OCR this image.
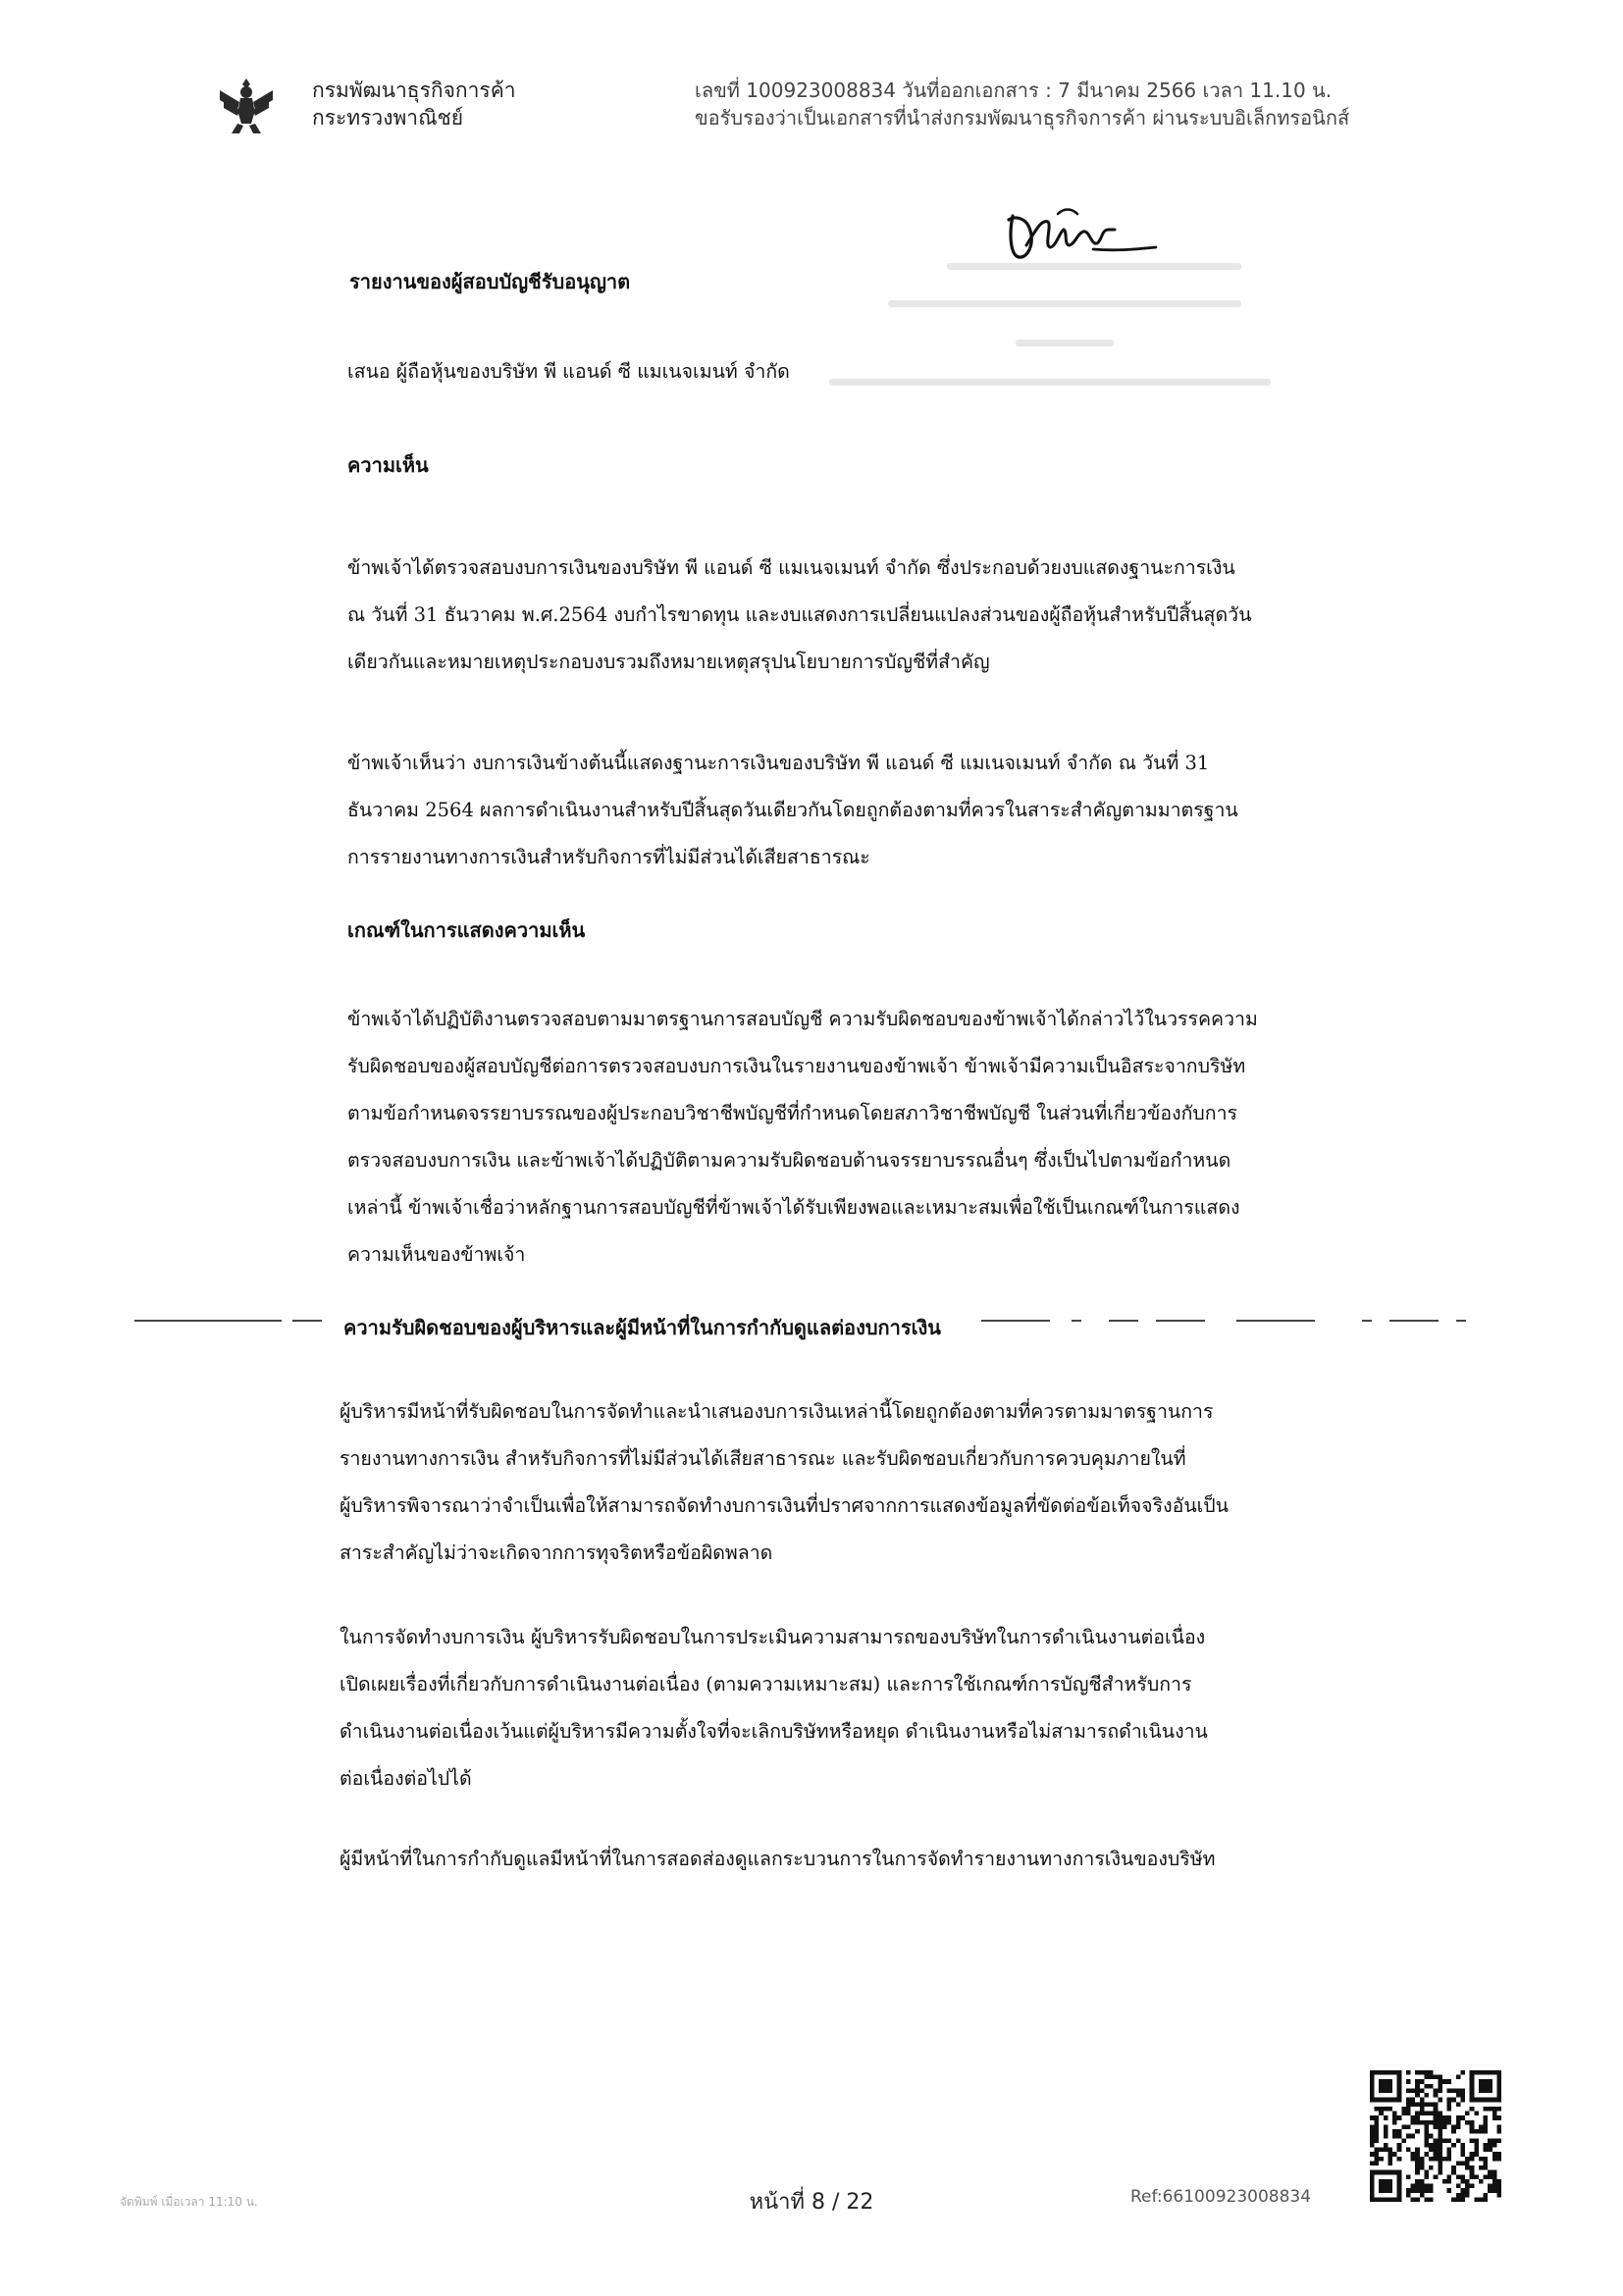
กรมพัฒนาธุรกิจการค้า
กระทรวงพาณิชย์
เลขที่ 100923008834 วันที่ออกเอกสาร : 7 มีนาคม 2566 เวลา 11.10 น.
ขอรับรองว่าเป็นเอกสารที่นำส่งกรมพัฒนาธุรกิจการค้า ผ่านระบบอิเล็กทรอนิกส์
รายงานของผู้สอบบัญชีรับอนุญาต
เสนอ ผู้ถือหุ้นของบริษัท พี แอนด์ ซี แมเนจเมนท์ จำกัด
ความเห็น
ข้าพเจ้าได้ตรวจสอบงบการเงินของบริษัท พี แอนด์ ซี แมเนจเมนท์ จำกัด ซึ่งประกอบด้วยงบแสดงฐานะการเงิน
ณ วันที่ 31 ธันวาคม พ.ศ.2564 งบกำไรขาดทุน และงบแสดงการเปลี่ยนแปลงส่วนของผู้ถือหุ้นสำหรับปีสิ้นสุดวัน
เดียวกันและหมายเหตุประกอบงบรวมถึงหมายเหตุสรุปนโยบายการบัญชีที่สำคัญ
ข้าพเจ้าเห็นว่า งบการเงินข้างต้นนี้แสดงฐานะการเงินของบริษัท พี แอนด์ ซี แมเนจเมนท์ จำกัด ณ วันที่ 31
ธันวาคม 2564 ผลการดำเนินงานสำหรับปีสิ้นสุดวันเดียวกันโดยถูกต้องตามที่ควรในสาระสำคัญตามมาตรฐาน
การรายงานทางการเงินสำหรับกิจการที่ไม่มีส่วนได้เสียสาธารณะ
เกณฑ์ในการแสดงความเห็น
ข้าพเจ้าได้ปฏิบัติงานตรวจสอบตามมาตรฐานการสอบบัญชี ความรับผิดชอบของข้าพเจ้าได้กล่าวไว้ในวรรคความ
รับผิดชอบของผู้สอบบัญชีต่อการตรวจสอบงบการเงินในรายงานของข้าพเจ้า ข้าพเจ้ามีความเป็นอิสระจากบริษัท
ตามข้อกำหนดจรรยาบรรณของผู้ประกอบวิชาชีพบัญชีที่กำหนดโดยสภาวิชาชีพบัญชี ในส่วนที่เกี่ยวข้องกับการ
ตรวจสอบงบการเงิน และข้าพเจ้าได้ปฏิบัติตามความรับผิดชอบด้านจรรยาบรรณอื่นๆ ซึ่งเป็นไปตามข้อกำหนด
เหล่านี้ ข้าพเจ้าเชื่อว่าหลักฐานการสอบบัญชีที่ข้าพเจ้าได้รับเพียงพอและเหมาะสมเพื่อใช้เป็นเกณฑ์ในการแสดง
ความเห็นของข้าพเจ้า
ความรับผิดชอบของผู้บริหารและผู้มีหน้าที่ในการกำกับดูแลต่องบการเงิน
ผู้บริหารมีหน้าที่รับผิดชอบในการจัดทำและนำเสนองบการเงินเหล่านี้โดยถูกต้องตามที่ควรตามมาตรฐานการ
รายงานทางการเงิน สำหรับกิจการที่ไม่มีส่วนได้เสียสาธารณะ และรับผิดชอบเกี่ยวกับการควบคุมภายในที่
ผู้บริหารพิจารณาว่าจำเป็นเพื่อให้สามารถจัดทำงบการเงินที่ปราศจากการแสดงข้อมูลที่ขัดต่อข้อเท็จจริงอันเป็น
สาระสำคัญไม่ว่าจะเกิดจากการทุจริตหรือข้อผิดพลาด
ในการจัดทำงบการเงิน ผู้บริหารรับผิดชอบในการประเมินความสามารถของบริษัทในการดำเนินงานต่อเนื่อง
เปิดเผยเรื่องที่เกี่ยวกับการดำเนินงานต่อเนื่อง (ตามความเหมาะสม) และการใช้เกณฑ์การบัญชีสำหรับการ
ดำเนินงานต่อเนื่องเว้นแต่ผู้บริหารมีความตั้งใจที่จะเลิกบริษัทหรือหยุด ดำเนินงานหรือไม่สามารถดำเนินงาน
ต่อเนื่องต่อไปได้
ผู้มีหน้าที่ในการกำกับดูแลมีหน้าที่ในการสอดส่องดูแลกระบวนการในการจัดทำรายงานทางการเงินของบริษัท
จัดพิมพ์ เมื่อเวลา 11:10 น.	หน้าที่ 8 / 22	Ref:66100923008834
